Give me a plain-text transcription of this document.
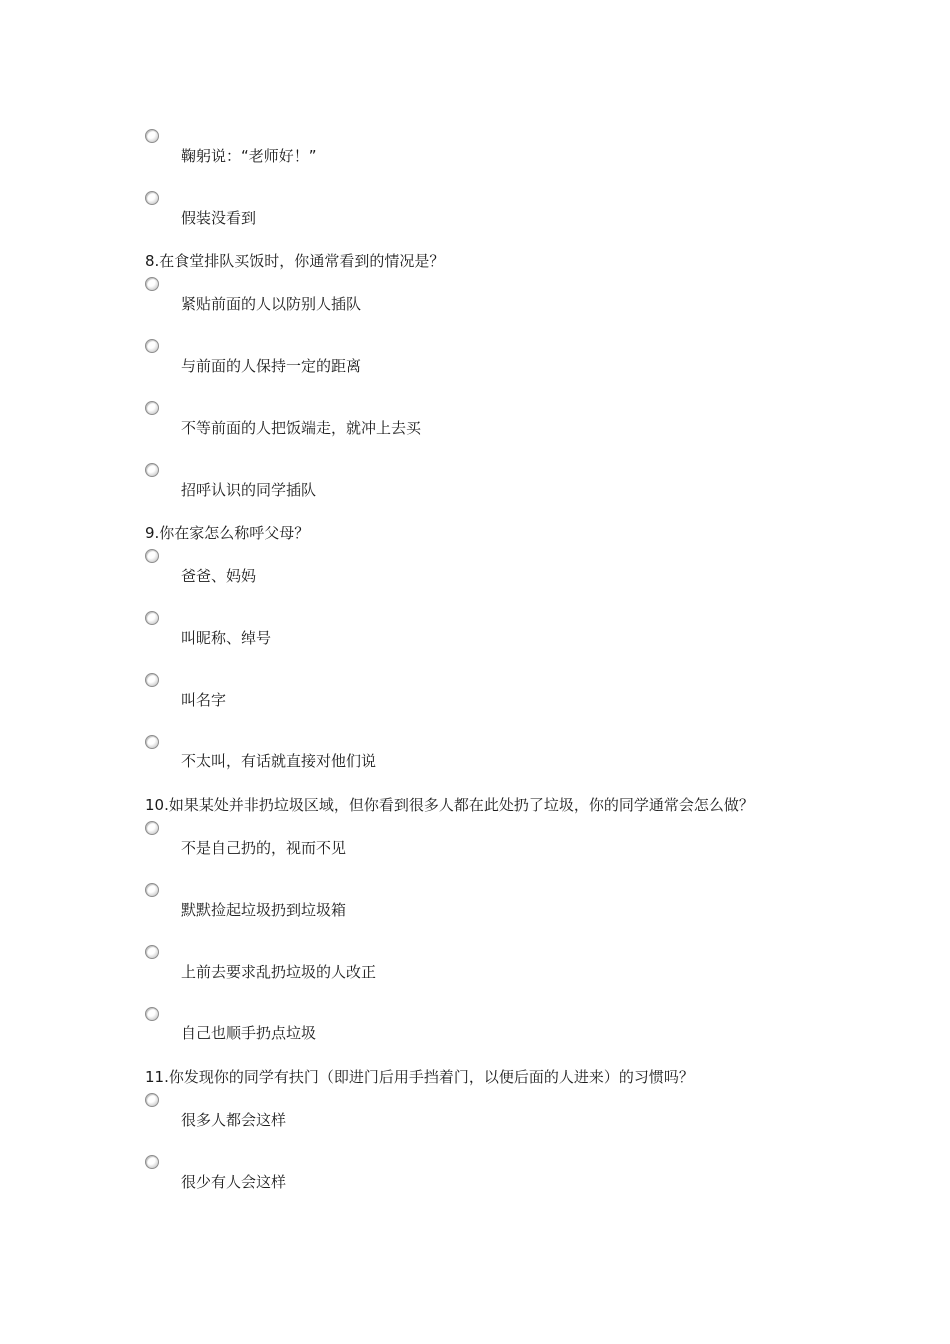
鞠躬说：“老师好！”
假装没看到
8.在食堂排队买饭时，你通常看到的情况是？
紧贴前面的人以防别人插队
与前面的人保持一定的距离
不等前面的人把饭端走，就冲上去买
招呼认识的同学插队
9.你在家怎么称呼父母？
爸爸、妈妈
叫昵称、绰号
叫名字
不太叫，有话就直接对他们说
10.如果某处并非扔垃圾区域，但你看到很多人都在此处扔了垃圾，你的同学通常会怎么做？
不是自己扔的，视而不见
默默捡起垃圾扔到垃圾箱
上前去要求乱扔垃圾的人改正
自己也顺手扔点垃圾
11.你发现你的同学有扶门（即进门后用手挡着门，以便后面的人进来）的习惯吗？
很多人都会这样
很少有人会这样
